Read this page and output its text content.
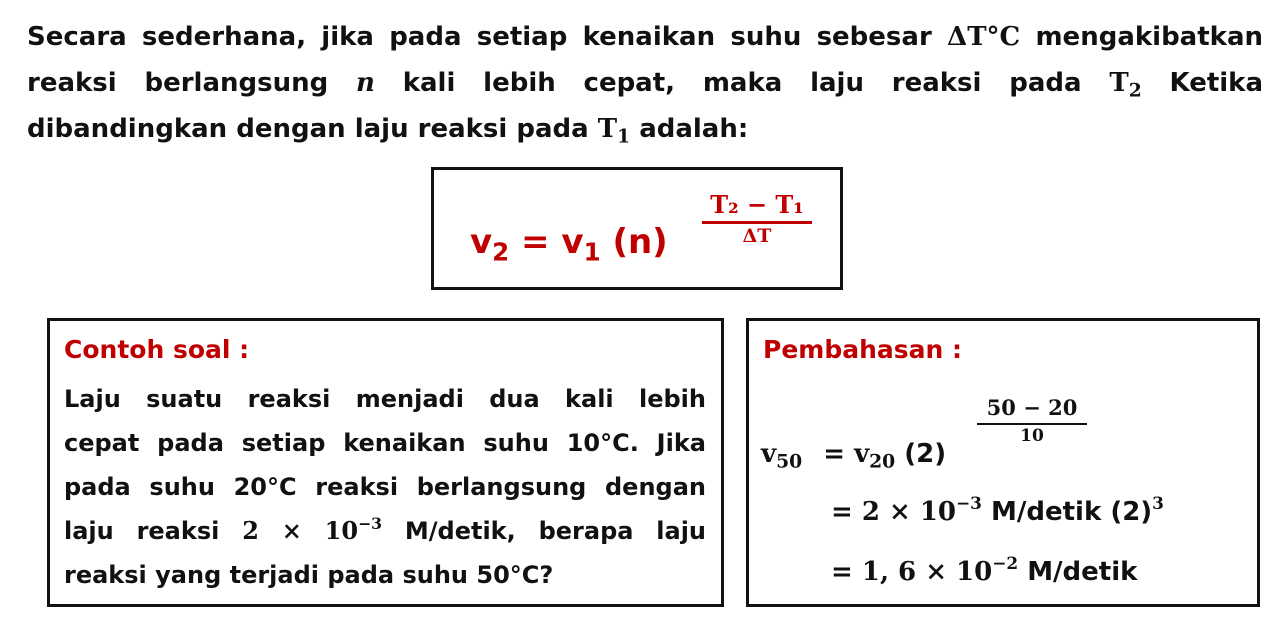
Secara sederhana, jika pada setiap kenaikan suhu sebesar ΔT°C mengakibatkan

reaksi berlangsung n kali lebih cepat, maka laju reaksi pada $T_2$ Ketika

dibandingkan dengan laju reaksi pada $T_1$ adalah:

$v_2 = v_1$ (n)
T₂ − T₁
ΔT
Contoh soal :

Laju suatu reaksi menjadi dua kali lebih

cepat pada setiap kenaikan suhu 10°C. Jika

pada suhu 20°C reaksi berlangsung dengan

laju reaksi $2 \times 10^{-3}$ M/detik, berapa laju

reaksi yang terjadi pada suhu 50°C?

Pembahasan :
$v_{50} = v_{20}$ (2)
50 − 20
10
= $2 \times 10^{-3}$ M/detik $(2)^3$
= 1, $6 \times 10^{-2}$ M/detik
